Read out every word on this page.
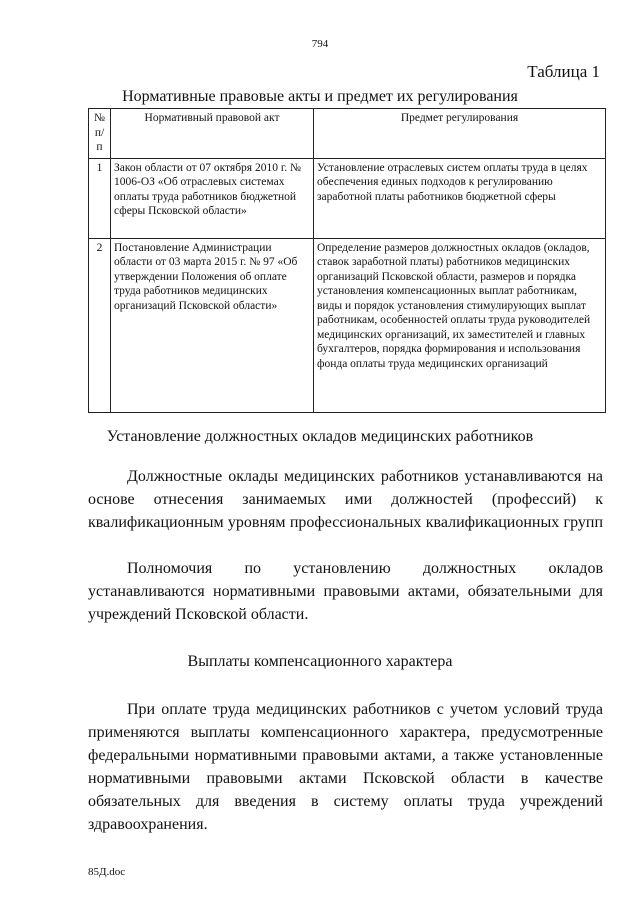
794
Таблица 1
Нормативные правовые акты и предмет их регулирования
№ п/п	Нормативный правовой акт	Предмет регулирования
1	Закон области от 07 октября 2010 г. № 1006-ОЗ «Об отраслевых системах оплаты труда работников бюджетной сферы Псковской области»	Установление отраслевых систем оплаты труда в целях обеспечения единых подходов к регулированию заработной платы работников бюджетной сферы
2	Постановление Администрации области от 03 марта 2015 г. № 97 «Об утверждении Положения об оплате труда работников медицинских организаций Псковской области»	Определение размеров должностных окладов (окладов, ставок заработной платы) работников медицинских организаций Псковской области, размеров и порядка установления компенсационных выплат работникам, виды и порядок установления стимулирующих выплат работникам, особенностей оплаты труда руководителей медицинских организаций, их заместителей и главных бухгалтеров, порядка формирования и использования фонда оплаты труда медицинских организаций
Установление должностных окладов медицинских работников
Должностные оклады медицинских работников устанавливаются на основе отнесения занимаемых ими должностей (профессий) к квалификационным уровням профессиональных квалификационных групп
Полномочия по установлению должностных окладов устанавливаются нормативными правовыми актами, обязательными для учреждений Псковской области.
Выплаты компенсационного характера
При оплате труда медицинских работников с учетом условий труда применяются выплаты компенсационного характера, предусмотренные федеральными нормативными правовыми актами, а также установленные нормативными правовыми актами Псковской области в качестве обязательных для введения в систему оплаты труда учреждений здравоохранения.
85Д.doc
